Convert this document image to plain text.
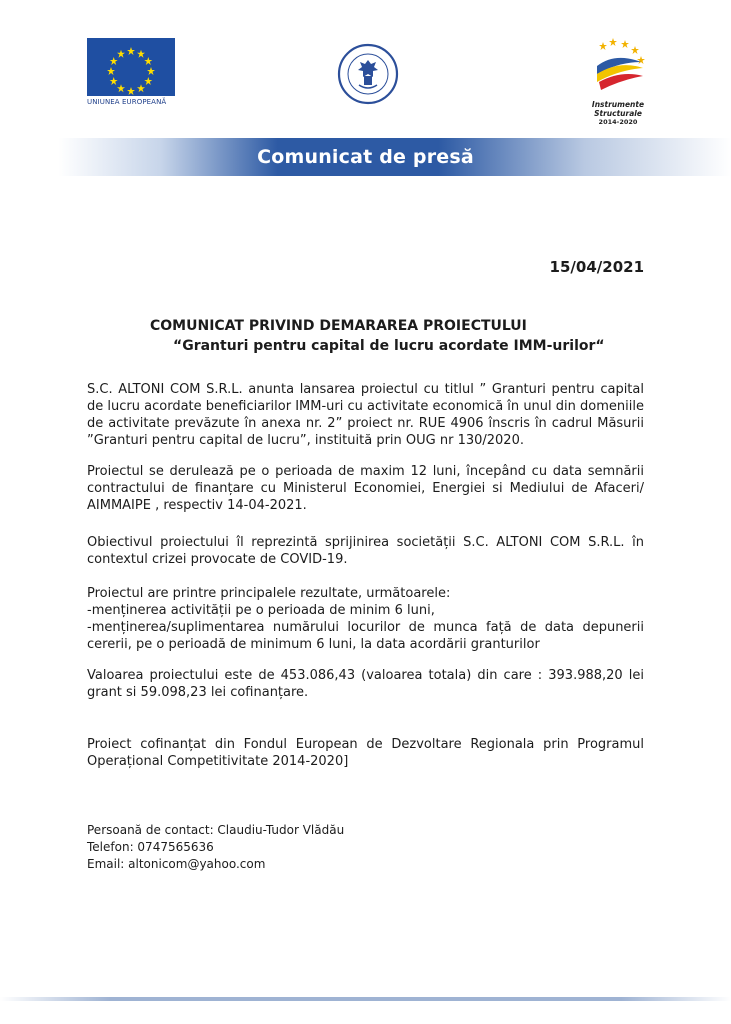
UNIUNEA EUROPEANĂ	Instrumente Structurale
2014-2020
Comunicat de presă
15/04/2021
COMUNICAT PRIVIND DEMARAREA PROIECTULUI
“Granturi pentru capital de lucru acordate IMM-urilor“

S.C. ALTONI COM S.R.L. anunta lansarea proiectul cu titlul ” Granturi pentru capital de lucru acordate beneficiarilor IMM-uri cu activitate economică în unul din domeniile de activitate prevăzute în anexa nr. 2” proiect nr. RUE 4906 înscris în cadrul Măsurii ”Granturi pentru capital de lucru”, instituită prin OUG nr 130/2020.

Proiectul se derulează pe o perioada de maxim 12 luni, începând cu data semnării contractului de finanțare cu Ministerul Economiei, Energiei si Mediului de Afaceri/ AIMMAIPE , respectiv 14-04-2021.

Obiectivul proiectului îl reprezintă sprijinirea societății S.C. ALTONI COM S.R.L. în contextul crizei provocate de COVID-19.

Proiectul are printre principalele rezultate, următoarele:
-menținerea activității pe o perioada de minim 6 luni,
-menținerea/suplimentarea numărului locurilor de munca față de data depunerii cererii, pe o perioadă de minimum 6 luni, la data acordării granturilor

Valoarea proiectului este de 453.086,43 (valoarea totala) din care : 393.988,20 lei grant si 59.098,23 lei cofinanțare.

Proiect cofinanțat din Fondul European de Dezvoltare Regionala prin Programul Operațional Competitivitate 2014-2020]

Persoană de contact: Claudiu-Tudor Vlădău
Telefon: 0747565636
Email: altonicom@yahoo.com
